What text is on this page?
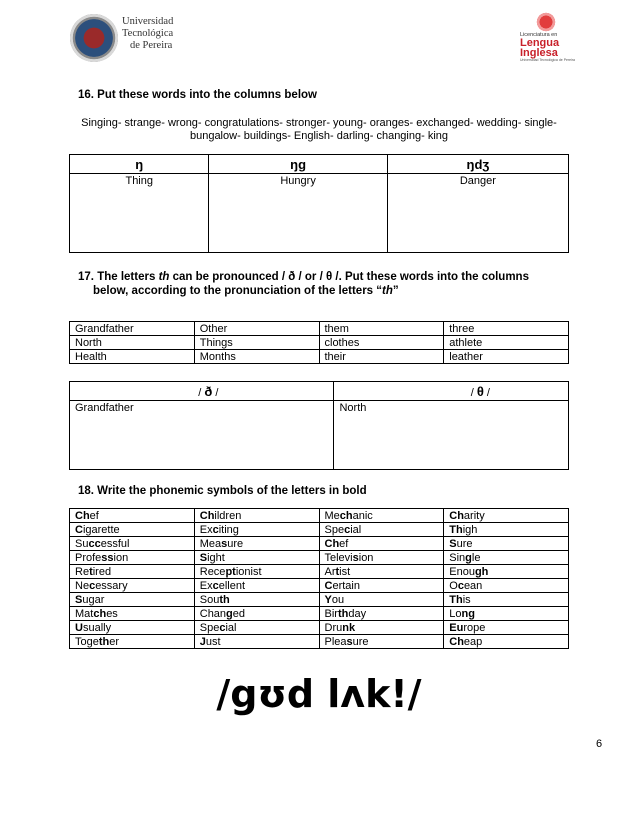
Universidad
Tecnológica
de Pereira
Licenciatura en
Lengua
Inglesa
Universidad Tecnológica de Pereira
16. Put these words into the columns below
Singing- strange- wrong- congratulations- stronger- young- oranges- exchanged- wedding- single- bungalow- buildings- English- darling- changing- king
ŋ	ŋg	ŋdʒ
Thing	Hungry	Danger
17. The letters th can be pronounced / ð / or / θ /. Put these words into the columns
below, according to the pronunciation of the letters “th”
Grandfather	Other	them	three
North	Things	clothes	athlete
Health	Months	their	leather
/ ð /	/ θ /
Grandfather	North
18. Write the phonemic symbols of the letters in bold
Chef	Children	Mechanic	Charity
Cigarette	Exciting	Special	Thigh
Successful	Measure	Chef	Sure
Profession	Sight	Television	Single
Retired	Receptionist	Artist	Enough
Necessary	Excellent	Certain	Ocean
Sugar	South	You	This
Matches	Changed	Birthday	Long
Usually	Special	Drunk	Europe
Together	Just	Pleasure	Cheap
/gʊd lʌk!/
6
